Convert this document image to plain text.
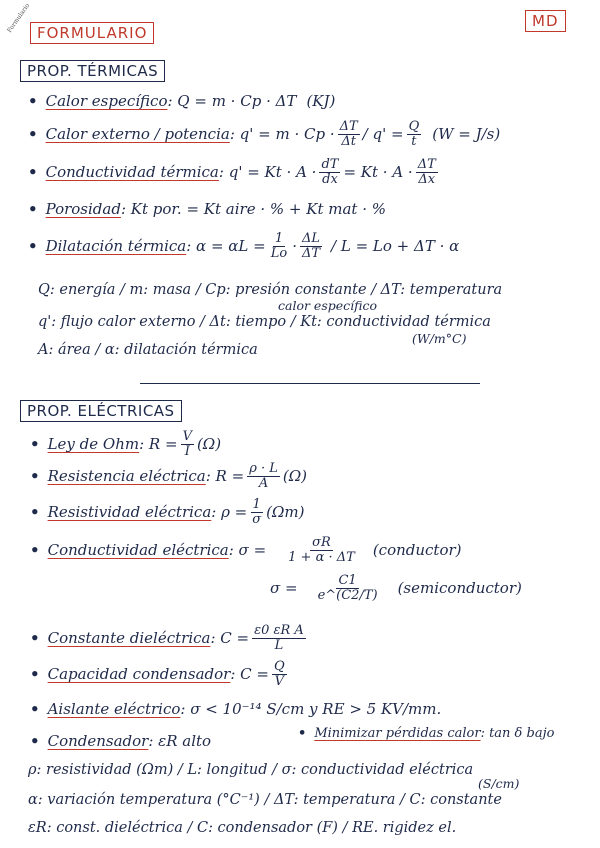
Formulario FORMULARIO
MD
PROP. TÉRMICAS
• Calor específico : Q = m · Cp · ΔT (KJ)
• Calor externo / potencia : $q' = m \cdot Cp \cdot \frac{\Delta T}{\Delta t} / q' = \frac{Q}{t} (W = J/s)$
• Conductividad térmica : $q' = Kt \cdot A \cdot \frac{dT}{dx} = Kt \cdot A \cdot \frac{\Delta T}{\Delta x}$
• Porosidad : Kt por. = Kt aire · % + Kt mat · %
• Dilatación térmica : $\alpha = \alpha L = \frac{1}{Lo} \cdot \frac{\Delta L}{\Delta T} / L = Lo + \Delta T \cdot \alpha$
Q: energía / m: masa / Cp: presión constante / ΔT: temperatura
calor específico
q': flujo calor externo / Δt: tiempo / Kt: conductividad térmica
(W/m°C)
A: área / α: dilatación térmica
PROP. ELÉCTRICAS
• Ley de Ohm : $R = \frac{V}{I} (\Omega)$
• Resistencia eléctrica : $R = \frac{\rho \cdot L}{A} (\Omega)$
• Resistividad eléctrica : $\rho = \frac{1}{\sigma} (\Omega m)$
• Conductividad eléctrica : $\sigma = \frac{\sigma R}{1 + \alpha \cdot \Delta T}$ (conductor)
$\sigma = \frac{C1}{e\^{}(C2/T)}$ (semiconductor)
• Constante dieléctrica : $C = \frac{\text{ε0 εR A}}{L}$
• Capacidad condensador : $C = \frac{Q}{V}$
• Aislante eléctrico : σ < 10⁻¹⁴ S/cm y RE > 5 KV/mm.
• Condensador : εR alto	• Minimizar pérdidas calor : tan δ bajo
ρ: resistividad (Ωm) / L: longitud / σ: conductividad eléctrica
(S/cm)
α: variación temperatura (°C⁻¹) / ΔT: temperatura / C: constante
εR: const. dieléctrica / C: condensador (F) / RE. rigidez el.
